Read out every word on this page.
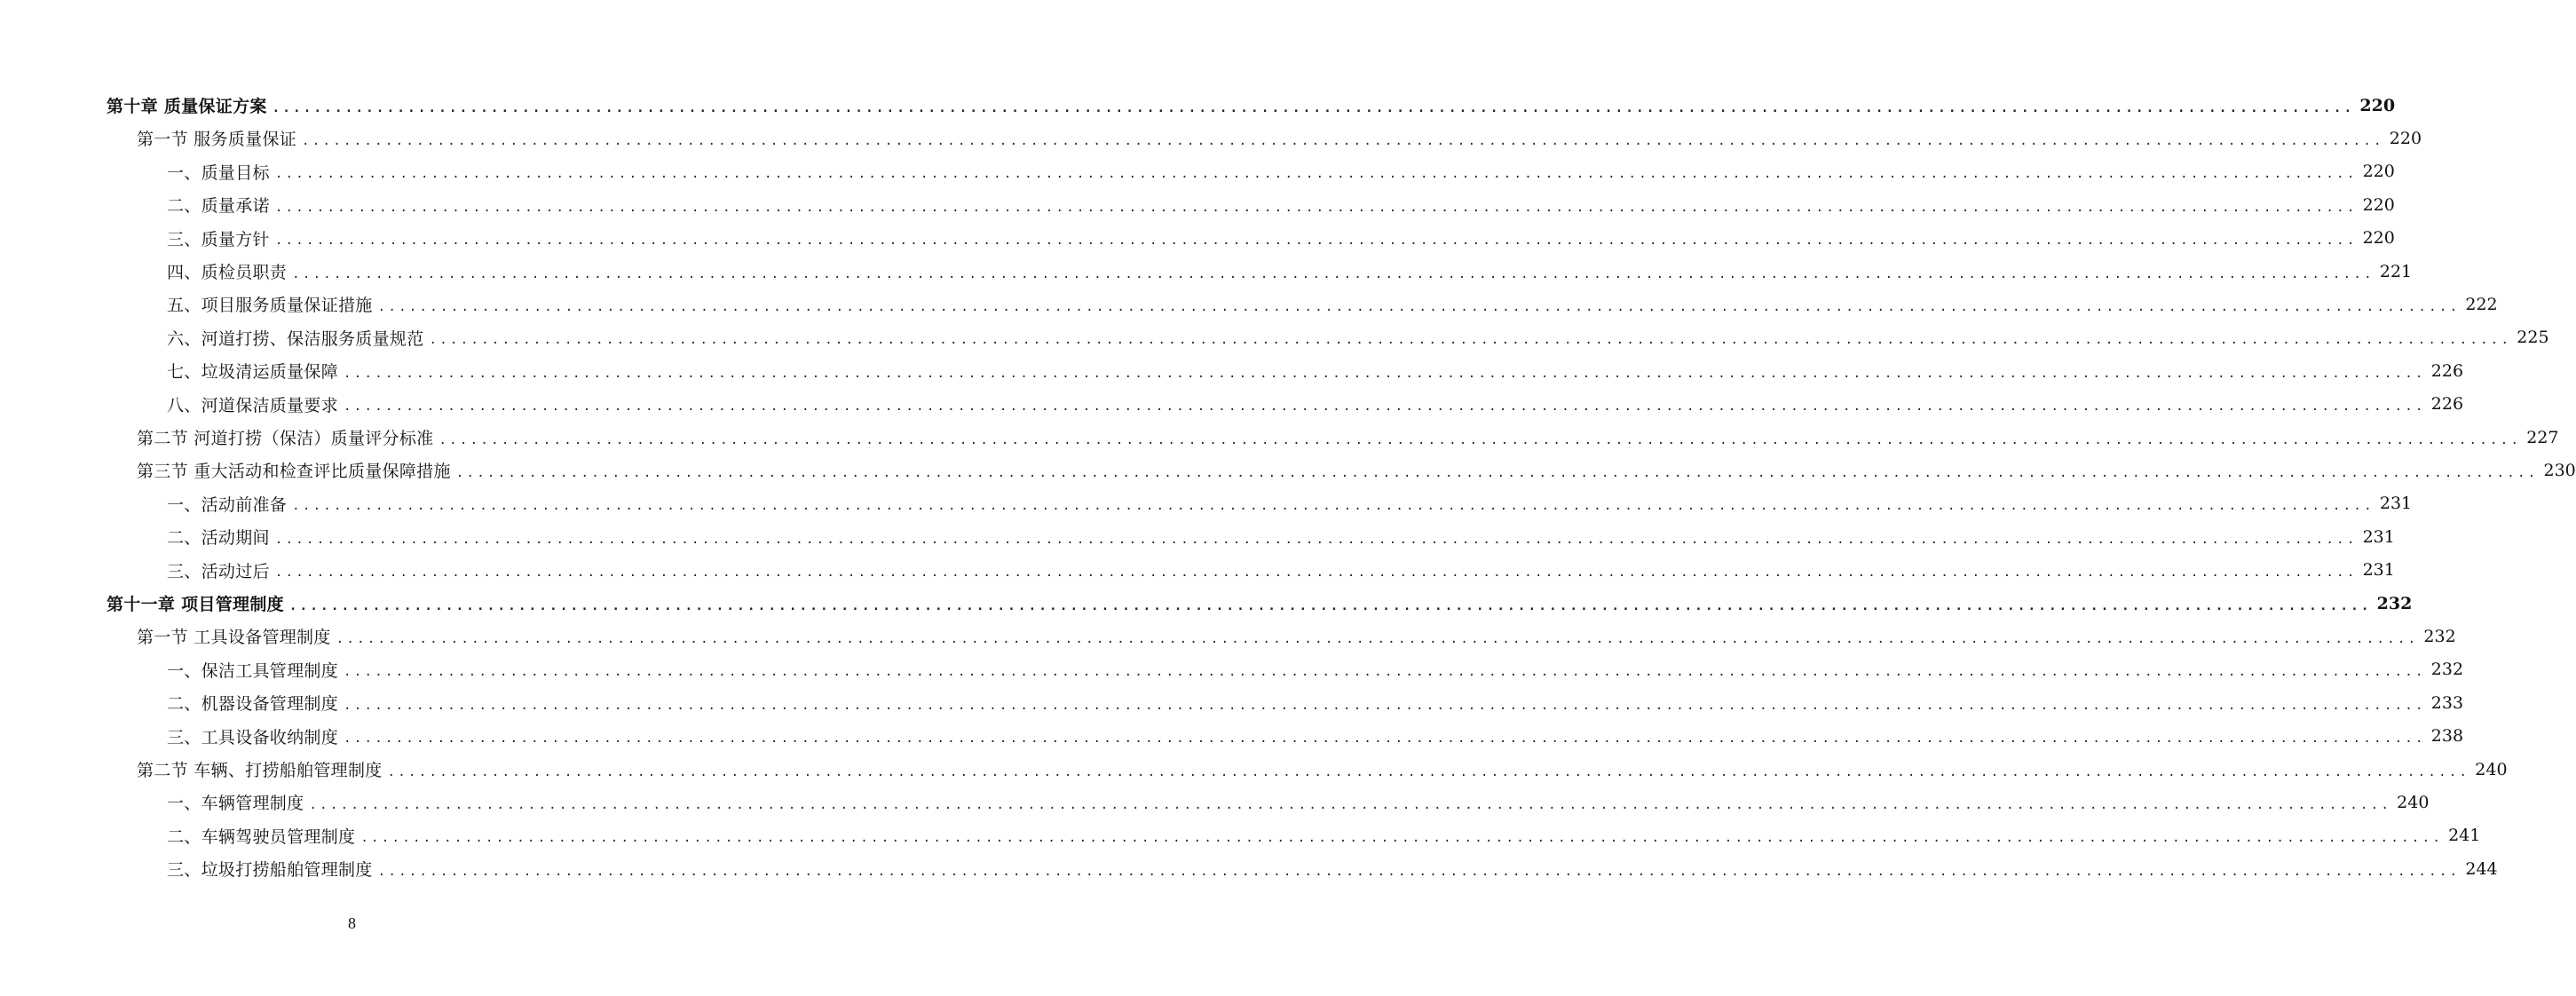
第十章 质量保证方案 ........................................................................................................................................................................................................ 220
第一节 服务质量保证 ........................................................................................................................................................................................................ 220
一、质量目标 ........................................................................................................................................................................................................ 220
二、质量承诺 ........................................................................................................................................................................................................ 220
三、质量方针 ........................................................................................................................................................................................................ 220
四、质检员职责 ........................................................................................................................................................................................................ 221
五、项目服务质量保证措施 ........................................................................................................................................................................................................ 222
六、河道打捞、保洁服务质量规范 ........................................................................................................................................................................................................ 225
七、垃圾清运质量保障 ........................................................................................................................................................................................................ 226
八、河道保洁质量要求 ........................................................................................................................................................................................................ 226
第二节 河道打捞（保洁）质量评分标准 ........................................................................................................................................................................................................ 227
第三节 重大活动和检查评比质量保障措施 ........................................................................................................................................................................................................ 230
一、活动前准备 ........................................................................................................................................................................................................ 231
二、活动期间 ........................................................................................................................................................................................................ 231
三、活动过后 ........................................................................................................................................................................................................ 231
第十一章 项目管理制度 ........................................................................................................................................................................................................ 232
第一节 工具设备管理制度 ........................................................................................................................................................................................................ 232
一、保洁工具管理制度 ........................................................................................................................................................................................................ 232
二、机器设备管理制度 ........................................................................................................................................................................................................ 233
三、工具设备收纳制度 ........................................................................................................................................................................................................ 238
第二节 车辆、打捞船舶管理制度 ........................................................................................................................................................................................................ 240
一、车辆管理制度 ........................................................................................................................................................................................................ 240
二、车辆驾驶员管理制度 ........................................................................................................................................................................................................ 241
三、垃圾打捞船舶管理制度 ........................................................................................................................................................................................................ 244
8
